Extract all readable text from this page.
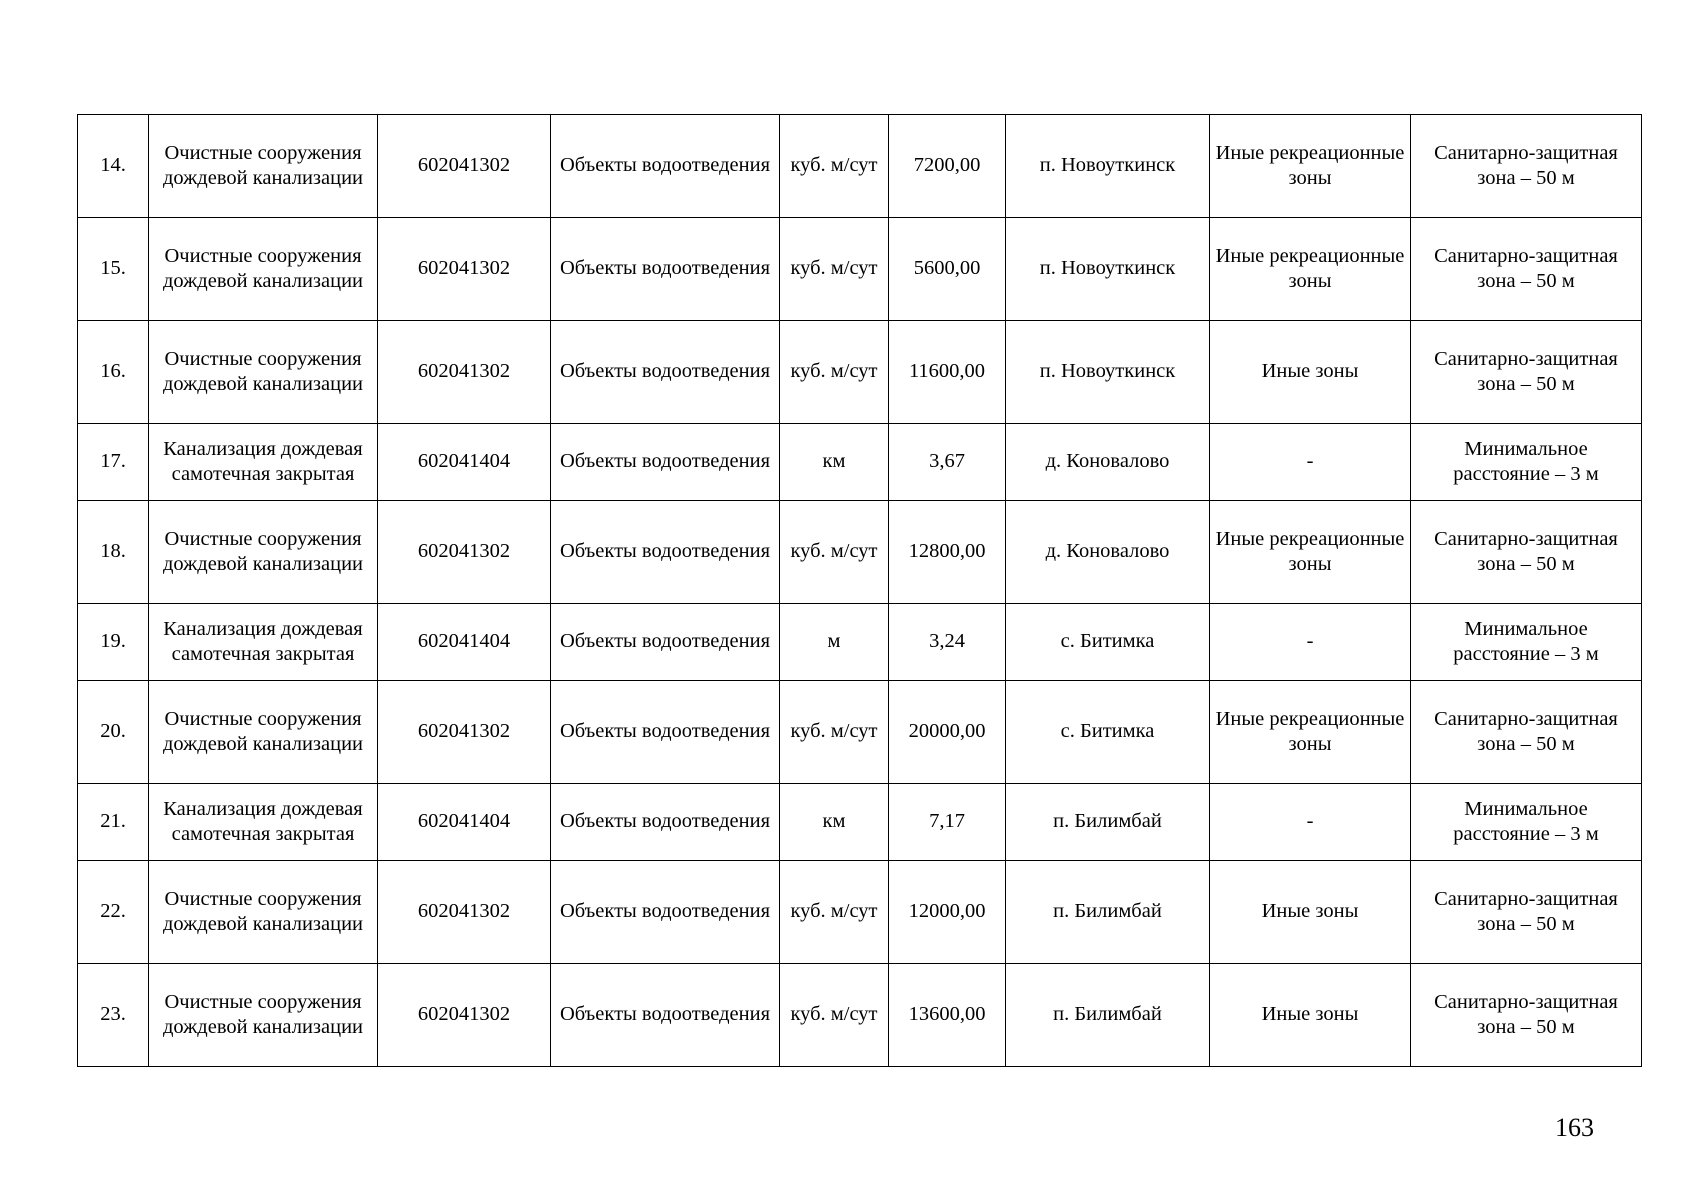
14.	Очистные сооружения дождевой канализации	602041302	Объекты водоотведения	куб. м/сут	7200,00	п. Новоуткинск	Иные рекреационные зоны	Санитарно-защитная зона – 50 м
15.	Очистные сооружения дождевой канализации	602041302	Объекты водоотведения	куб. м/сут	5600,00	п. Новоуткинск	Иные рекреационные зоны	Санитарно-защитная зона – 50 м
16.	Очистные сооружения дождевой канализации	602041302	Объекты водоотведения	куб. м/сут	11600,00	п. Новоуткинск	Иные зоны	Санитарно-защитная зона – 50 м
17.	Канализация дождевая самотечная закрытая	602041404	Объекты водоотведения	км	3,67	д. Коновалово	-	Минимальное расстояние – 3 м
18.	Очистные сооружения дождевой канализации	602041302	Объекты водоотведения	куб. м/сут	12800,00	д. Коновалово	Иные рекреационные зоны	Санитарно-защитная зона – 50 м
19.	Канализация дождевая самотечная закрытая	602041404	Объекты водоотведения	м	3,24	с. Битимка	-	Минимальное расстояние – 3 м
20.	Очистные сооружения дождевой канализации	602041302	Объекты водоотведения	куб. м/сут	20000,00	с. Битимка	Иные рекреационные зоны	Санитарно-защитная зона – 50 м
21.	Канализация дождевая самотечная закрытая	602041404	Объекты водоотведения	км	7,17	п. Билимбай	-	Минимальное расстояние – 3 м
22.	Очистные сооружения дождевой канализации	602041302	Объекты водоотведения	куб. м/сут	12000,00	п. Билимбай	Иные зоны	Санитарно-защитная зона – 50 м
23.	Очистные сооружения дождевой канализации	602041302	Объекты водоотведения	куб. м/сут	13600,00	п. Билимбай	Иные зоны	Санитарно-защитная зона – 50 м
163
